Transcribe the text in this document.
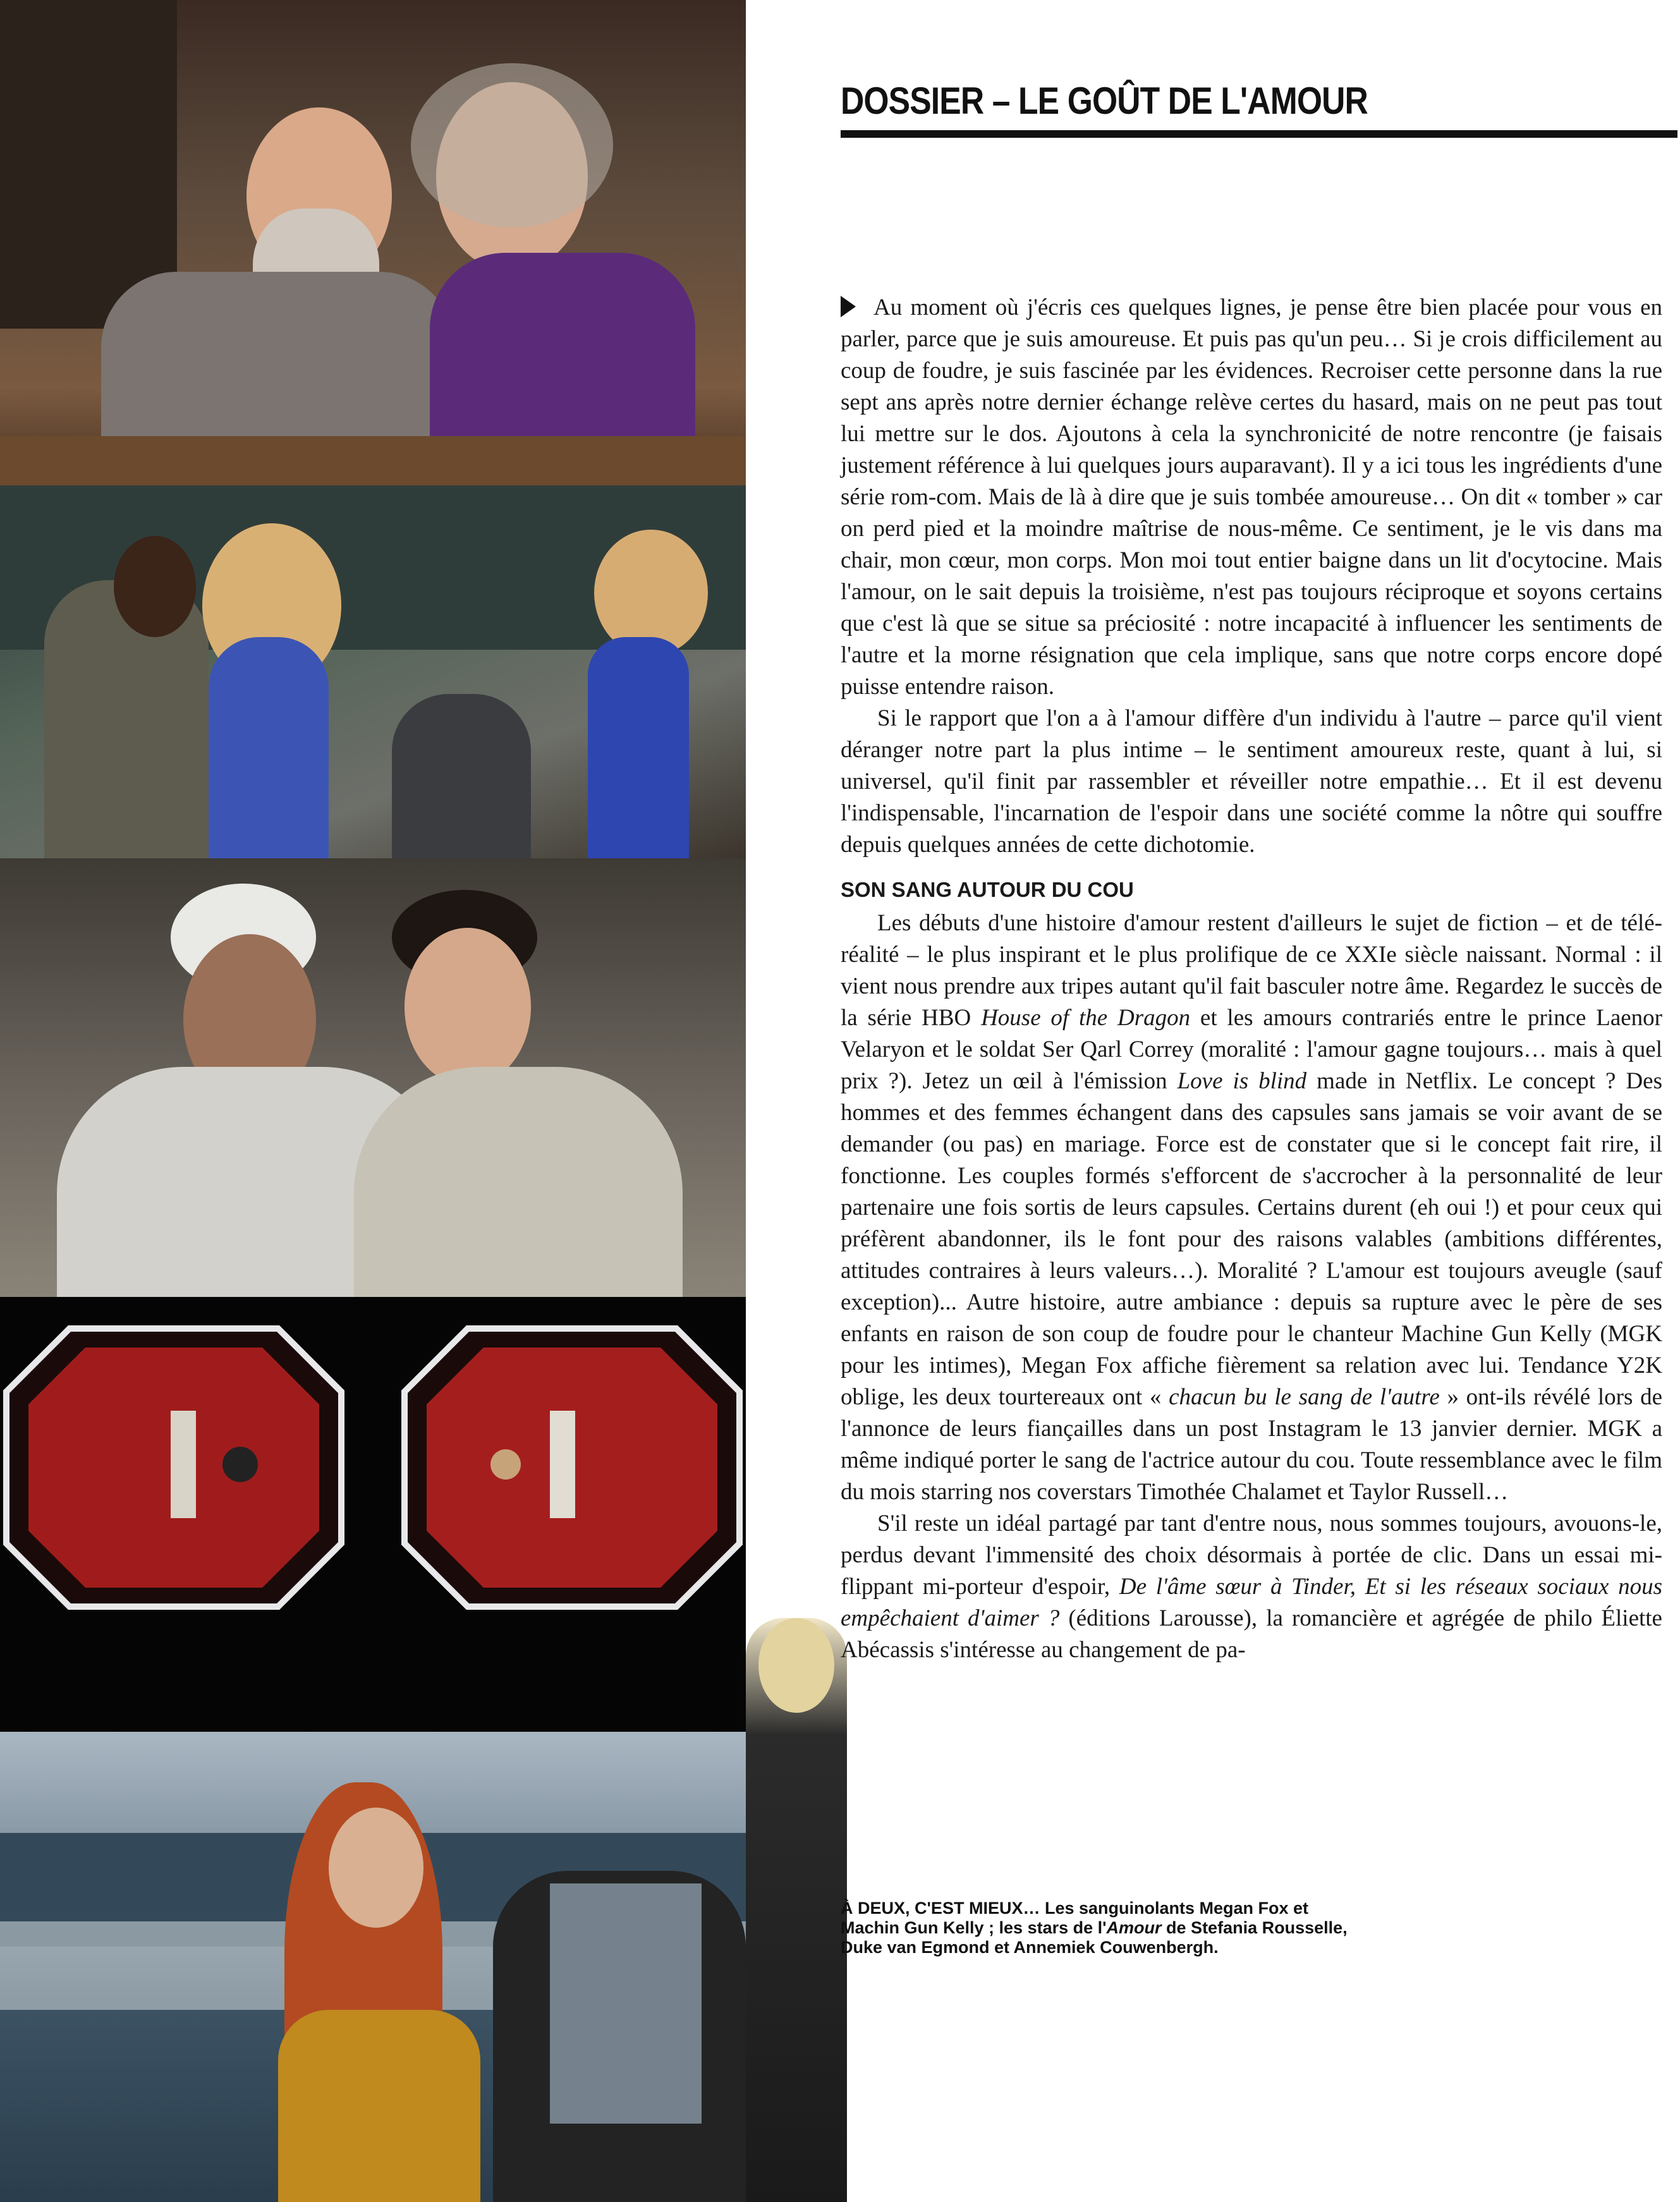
DOSSIER – LE GOÛT DE L'AMOUR

Au moment où j'écris ces quelques lignes, je pense être bien placée pour vous en parler, parce que je suis amoureuse. Et puis pas qu'un peu… Si je crois difficilement au coup de foudre, je suis fascinée par les évidences. Recroiser cette personne dans la rue sept ans après notre dernier échange relève certes du hasard, mais on ne peut pas tout lui mettre sur le dos. Ajoutons à cela la synchronicité de notre rencontre (je faisais justement référence à lui quelques jours auparavant). Il y a ici tous les ingrédients d'une série rom-com. Mais de là à dire que je suis tombée amoureuse… On dit « tomber » car on perd pied et la moindre maîtrise de nous-même. Ce sentiment, je le vis dans ma chair, mon cœur, mon corps. Mon moi tout entier baigne dans un lit d'ocytocine. Mais l'amour, on le sait depuis la troisième, n'est pas toujours réciproque et soyons certains que c'est là que se situe sa préciosité : notre incapacité à influencer les sentiments de l'autre et la morne résignation que cela implique, sans que notre corps encore dopé puisse entendre raison.

Si le rapport que l'on a à l'amour diffère d'un individu à l'autre – parce qu'il vient déranger notre part la plus intime – le sentiment amoureux reste, quant à lui, si universel, qu'il finit par rassembler et réveiller notre empathie… Et il est devenu l'indispensable, l'incarnation de l'espoir dans une société comme la nôtre qui souffre depuis quelques années de cette dichotomie.

SON SANG AUTOUR DU COU

Les débuts d'une histoire d'amour restent d'ailleurs le sujet de fiction – et de télé-réalité – le plus inspirant et le plus prolifique de ce XXIe siècle naissant. Normal : il vient nous prendre aux tripes autant qu'il fait basculer notre âme. Regardez le succès de la série HBO House of the Dragon et les amours contrariés entre le prince Laenor Velaryon et le soldat Ser Qarl Correy (moralité : l'amour gagne toujours… mais à quel prix ?). Jetez un œil à l'émission Love is blind made in Netflix. Le concept ? Des hommes et des femmes échangent dans des capsules sans jamais se voir avant de se demander (ou pas) en mariage. Force est de constater que si le concept fait rire, il fonctionne. Les couples formés s'efforcent de s'accrocher à la personnalité de leur partenaire une fois sortis de leurs capsules. Certains durent (eh oui !) et pour ceux qui préfèrent abandonner, ils le font pour des raisons valables (ambitions différentes, attitudes contraires à leurs valeurs…). Moralité ? L'amour est toujours aveugle (sauf exception)... Autre histoire, autre ambiance : depuis sa rupture avec le père de ses enfants en raison de son coup de foudre pour le chanteur Machine Gun Kelly (MGK pour les intimes), Megan Fox affiche fièrement sa relation avec lui. Tendance Y2K oblige, les deux tourtereaux ont « chacun bu le sang de l'autre » ont-ils révélé lors de l'annonce de leurs fiançailles dans un post Instagram le 13 janvier dernier. MGK a même indiqué porter le sang de l'actrice autour du cou. Toute ressemblance avec le film du mois starring nos coverstars Timothée Chalamet et Taylor Russell…

S'il reste un idéal partagé par tant d'entre nous, nous sommes toujours, avouons-le, perdus devant l'immensité des choix désormais à portée de clic. Dans un essai mi-flippant mi-porteur d'espoir, De l'âme sœur à Tinder, Et si les réseaux sociaux nous empêchaient d'aimer ? (éditions Larousse), la romancière et agrégée de philo Éliette Abécassis s'intéresse au changement de pa-

À DEUX, C'EST MIEUX… Les sanguinolants Megan Fox et Machin Gun Kelly ; les stars de l'Amour de Stefania Rousselle, Duke van Egmond et Annemiek Couwenbergh.
